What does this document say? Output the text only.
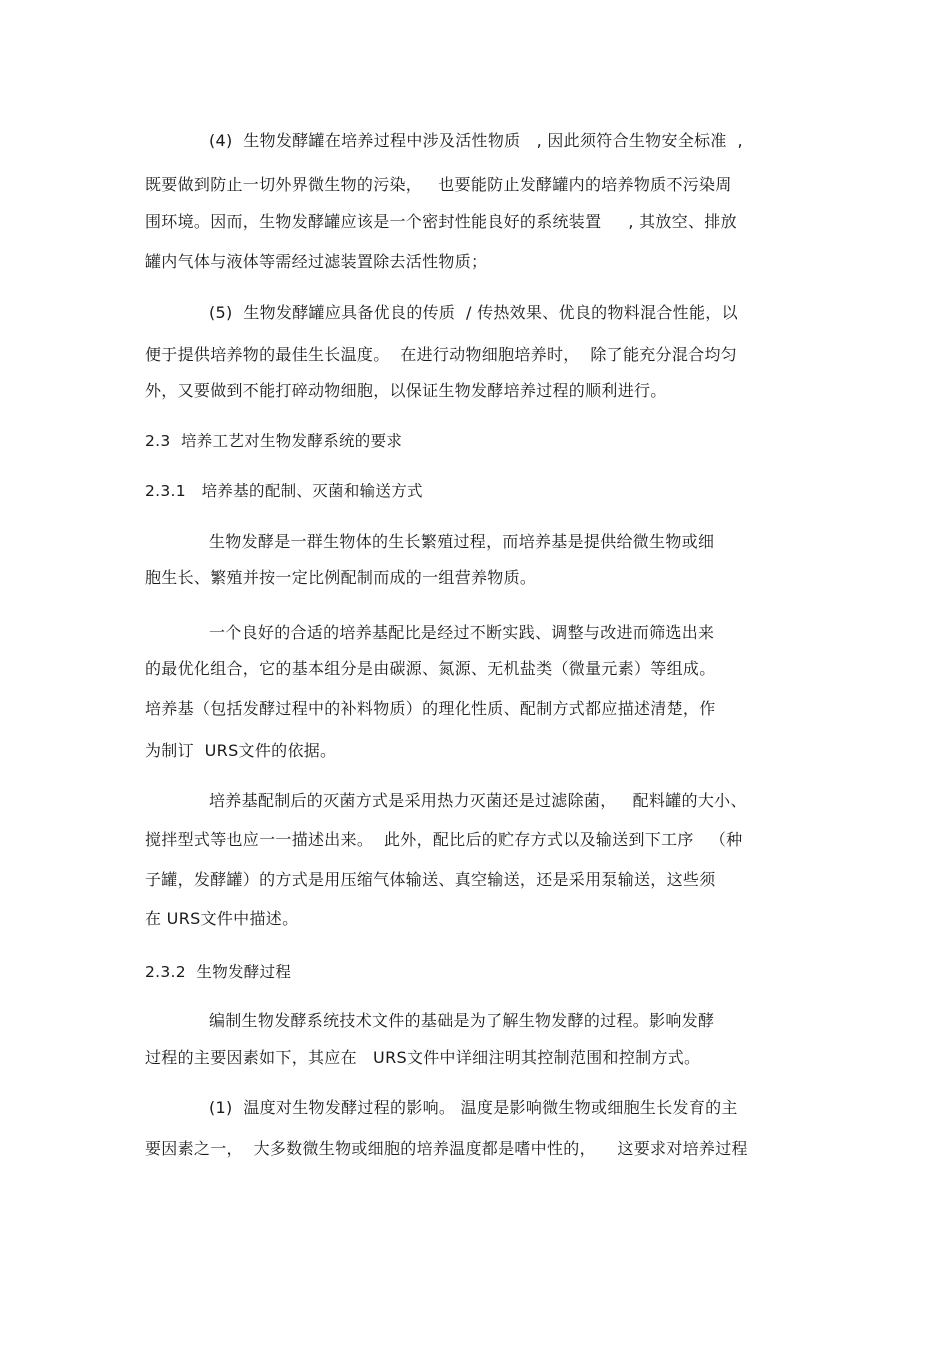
(4)  生物发酵罐在培养过程中涉及活性物质   , 因此须符合生物安全标准  ,
既要做到防止一切外界微生物的污染，   也要能防止发酵罐内的培养物质不污染周
围环境。因而，生物发酵罐应该是一个密封性能良好的系统装置     , 其放空、排放
罐内气体与液体等需经过滤装置除去活性物质；
(5)  生物发酵罐应具备优良的传质  / 传热效果、优良的物料混合性能，以
便于提供培养物的最佳生长温度。  在进行动物细胞培养时，  除了能充分混合均匀
外，又要做到不能打碎动物细胞，以保证生物发酵培养过程的顺利进行。
2.3  培养工艺对生物发酵系统的要求
2.3.1   培养基的配制、灭菌和输送方式
生物发酵是一群生物体的生长繁殖过程，而培养基是提供给微生物或细
胞生长、繁殖并按一定比例配制而成的一组营养物质。
一个良好的合适的培养基配比是经过不断实践、调整与改进而筛选出来
的最优化组合，它的基本组分是由碳源、氮源、无机盐类（微量元素）等组成。
培养基（包括发酵过程中的补料物质）的理化性质、配制方式都应描述清楚，作
为制订  URS文件的依据。
培养基配制后的灭菌方式是采用热力灭菌还是过滤除菌，   配料罐的大小、
搅拌型式等也应一一描述出来。  此外，配比后的贮存方式以及输送到下工序   （种
子罐，发酵罐）的方式是用压缩气体输送、真空输送，还是采用泵输送，这些须
在 URS文件中描述。
2.3.2  生物发酵过程
编制生物发酵系统技术文件的基础是为了解生物发酵的过程。影响发酵
过程的主要因素如下，其应在   URS文件中详细注明其控制范围和控制方式。
(1)  温度对生物发酵过程的影响。 温度是影响微生物或细胞生长发育的主
要因素之一，  大多数微生物或细胞的培养温度都是嗜中性的，    这要求对培养过程
